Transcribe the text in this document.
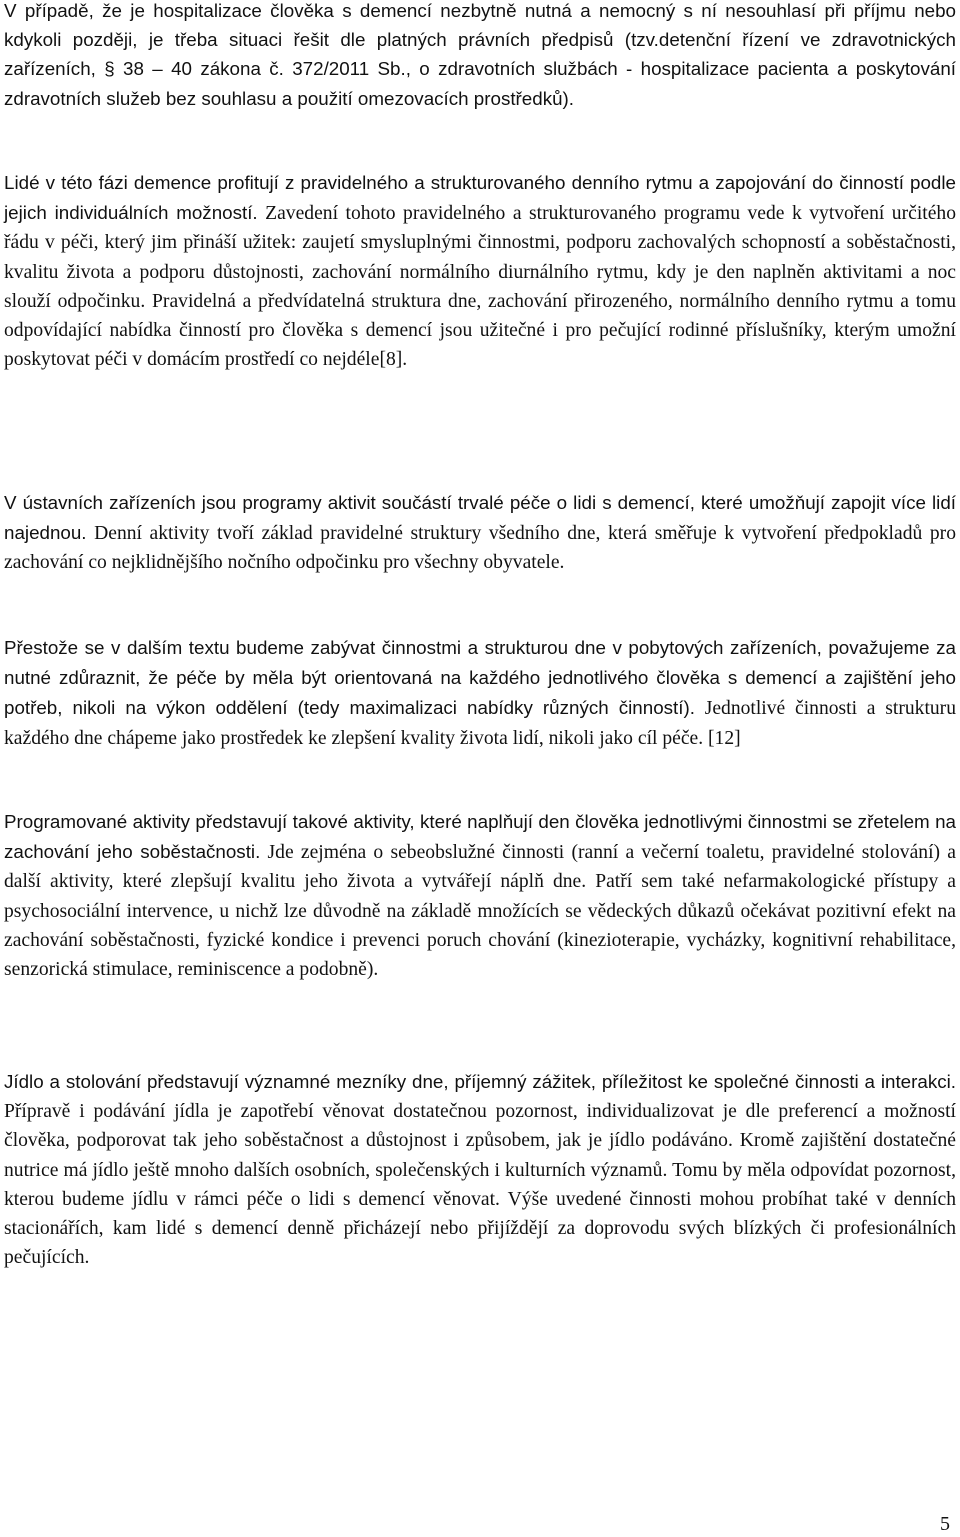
V případě, že je hospitalizace člověka s demencí nezbytně nutná a nemocný s ní nesouhlasí při příjmu nebo kdykoli později, je třeba situaci řešit dle platných právních předpisů (tzv.detenční řízení ve zdravotnických zařízeních, § 38 – 40 zákona č. 372/2011 Sb., o zdravotních službách - hospitalizace pacienta a poskytování zdravotních služeb bez souhlasu a použití omezovacích prostředků).

Lidé v této fázi demence profitují z pravidelného a strukturovaného denního rytmu a zapojování do činností podle jejich individuálních možností. Zavedení tohoto pravidelného a strukturovaného programu vede k vytvoření určitého řádu v péči, který jim přináší užitek: zaujetí smysluplnými činnostmi, podporu zachovalých schopností a soběstačnosti, kvalitu života a podporu důstojnosti, zachování normálního diurnálního rytmu, kdy je den naplněn aktivitami a noc slouží odpočinku. Pravidelná a předvídatelná struktura dne, zachování přirozeného, normálního denního rytmu a tomu odpovídající nabídka činností pro člověka s demencí jsou užitečné i pro pečující rodinné příslušníky, kterým umožní poskytovat péči v domácím prostředí co nejdéle[8].

V ústavních zařízeních jsou programy aktivit součástí trvalé péče o lidi s demencí, které umožňují zapojit více lidí najednou. Denní aktivity tvoří základ pravidelné struktury všedního dne, která směřuje k vytvoření předpokladů pro zachování co nejklidnějšího nočního odpočinku pro všechny obyvatele.

Přestože se v dalším textu budeme zabývat činnostmi a strukturou dne v pobytových zařízeních, považujeme za nutné zdůraznit, že péče by měla být orientovaná na každého jednotlivého člověka s demencí a zajištění jeho potřeb, nikoli na výkon oddělení (tedy maximalizaci nabídky různých činností). Jednotlivé činnosti a strukturu každého dne chápeme jako prostředek ke zlepšení kvality života lidí, nikoli jako cíl péče. [12]

Programované aktivity představují takové aktivity, které naplňují den člověka jednotlivými činnostmi se zřetelem na zachování jeho soběstačnosti. Jde zejména o sebeobslužné činnosti (ranní a večerní toaletu, pravidelné stolování) a další aktivity, které zlepšují kvalitu jeho života a vytvářejí náplň dne. Patří sem také nefarmakologické přístupy a psychosociální intervence, u nichž lze důvodně na základě množících se vědeckých důkazů očekávat pozitivní efekt na zachování soběstačnosti, fyzické kondice i prevenci poruch chování (kinezioterapie, vycházky, kognitivní rehabilitace, senzorická stimulace, reminiscence a podobně).

Jídlo a stolování představují významné mezníky dne, příjemný zážitek, příležitost ke společné činnosti a interakci. Přípravě i podávání jídla je zapotřebí věnovat dostatečnou pozornost, individualizovat je dle preferencí a možností člověka, podporovat tak jeho soběstačnost a důstojnost i způsobem, jak je jídlo podáváno. Kromě zajištění dostatečné nutrice má jídlo ještě mnoho dalších osobních, společenských i kulturních významů. Tomu by měla odpovídat pozornost, kterou budeme jídlu v rámci péče o lidi s demencí věnovat. Výše uvedené činnosti mohou probíhat také v denních stacionářích, kam lidé s demencí denně přicházejí nebo přijíždějí za doprovodu svých blízkých či profesionálních pečujících.

5
